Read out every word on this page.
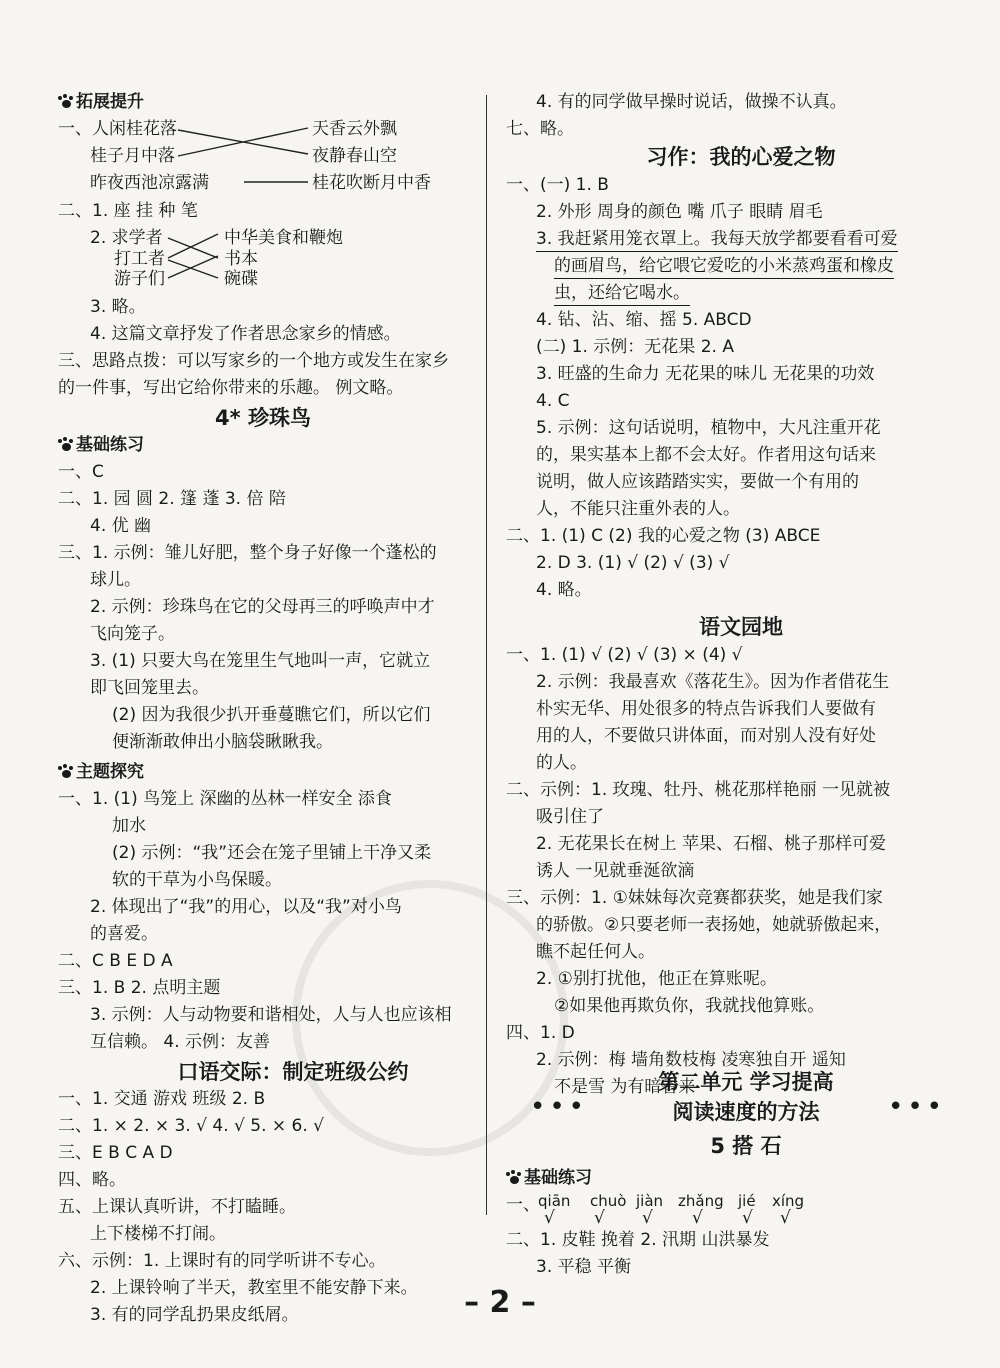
拓展提升
一、人闲桂花落
桂子月中落
昨夜西池凉露满
天香云外飘
夜静春山空
桂花吹断月中香
二、1. 座 挂 种 笔
2. 求学者
打工者
游子们
中华美食和鞭炮
书本
碗碟
3. 略。
4. 这篇文章抒发了作者思念家乡的情感。
三、思路点拨：可以写家乡的一个地方或发生在家乡
的一件事，写出它给你带来的乐趣。 例文略。
4* 珍珠鸟
基础练习
一、C
二、1. 园 圆 2. 篷 蓬 3. 倍 陪
4. 优 幽
三、1. 示例：雏儿好肥，整个身子好像一个蓬松的
球儿。
2. 示例：珍珠鸟在它的父母再三的呼唤声中才
飞向笼子。
3. (1) 只要大鸟在笼里生气地叫一声，它就立
即飞回笼里去。
(2) 因为我很少扒开垂蔓瞧它们，所以它们
便渐渐敢伸出小脑袋瞅瞅我。
主题探究
一、1. (1) 鸟笼上 深幽的丛林一样安全 添食
加水
(2) 示例：“我”还会在笼子里铺上干净又柔
软的干草为小鸟保暖。
2. 体现出了“我”的用心，以及“我”对小鸟
的喜爱。
二、C B E D A
三、1. B 2. 点明主题
3. 示例：人与动物要和谐相处，人与人也应该相
互信赖。 4. 示例：友善
口语交际：制定班级公约
一、1. 交通 游戏 班级 2. B
二、1. × 2. × 3. √ 4. √ 5. × 6. √
三、E B C A D
四、略。
五、上课认真听讲，不打瞌睡。
上下楼梯不打闹。
六、示例：1. 上课时有的同学听讲不专心。
2. 上课铃响了半天，教室里不能安静下来。
3. 有的同学乱扔果皮纸屑。
4. 有的同学做早操时说话，做操不认真。
七、略。
习作：我的心爱之物
一、(一) 1. B
2. 外形 周身的颜色 嘴 爪子 眼睛 眉毛
3. 我赶紧用笼衣罩上。我每天放学都要看看可爱
的画眉鸟，给它喂它爱吃的小米蒸鸡蛋和橡皮
虫，还给它喝水。
4. 钻、沾、缩、摇 5. ABCD
(二) 1. 示例：无花果 2. A
3. 旺盛的生命力 无花果的味儿 无花果的功效
4. C
5. 示例：这句话说明，植物中，大凡注重开花
的，果实基本上都不会太好。作者用这句话来
说明，做人应该踏踏实实，要做一个有用的
人，不能只注重外表的人。
二、1. (1) C (2) 我的心爱之物 (3) ABCE
2. D 3. (1) √ (2) √ (3) √
4. 略。
语文园地
一、1. (1) √ (2) √ (3) × (4) √
2. 示例：我最喜欢《落花生》。因为作者借花生
朴实无华、用处很多的特点告诉我们人要做有
用的人，不要做只讲体面，而对别人没有好处
的人。
二、示例：1. 玫瑰、牡丹、桃花那样艳丽 一见就被
吸引住了
2. 无花果长在树上 苹果、石榴、桃子那样可爱
诱人 一见就垂涎欲滴
三、示例：1. ①妹妹每次竞赛都获奖，她是我们家
的骄傲。②只要老师一表扬她，她就骄傲起来，
瞧不起任何人。
2. ①别打扰他，他正在算账呢。
②如果他再欺负你，我就找他算账。
四、1. D
2. 示例：梅 墙角数枝梅 凌寒独自开 遥知
不是雪 为有暗香来
第二单元 学习提高
•••	•••
阅读速度的方法
5 搭 石
基础练习
一、
qiān chuò jiàn zhǎng jié xíng
√ √ √ √ √ √
二、1. 皮鞋 挽着 2. 汛期 山洪暴发
3. 平稳 平衡
– 2 –
